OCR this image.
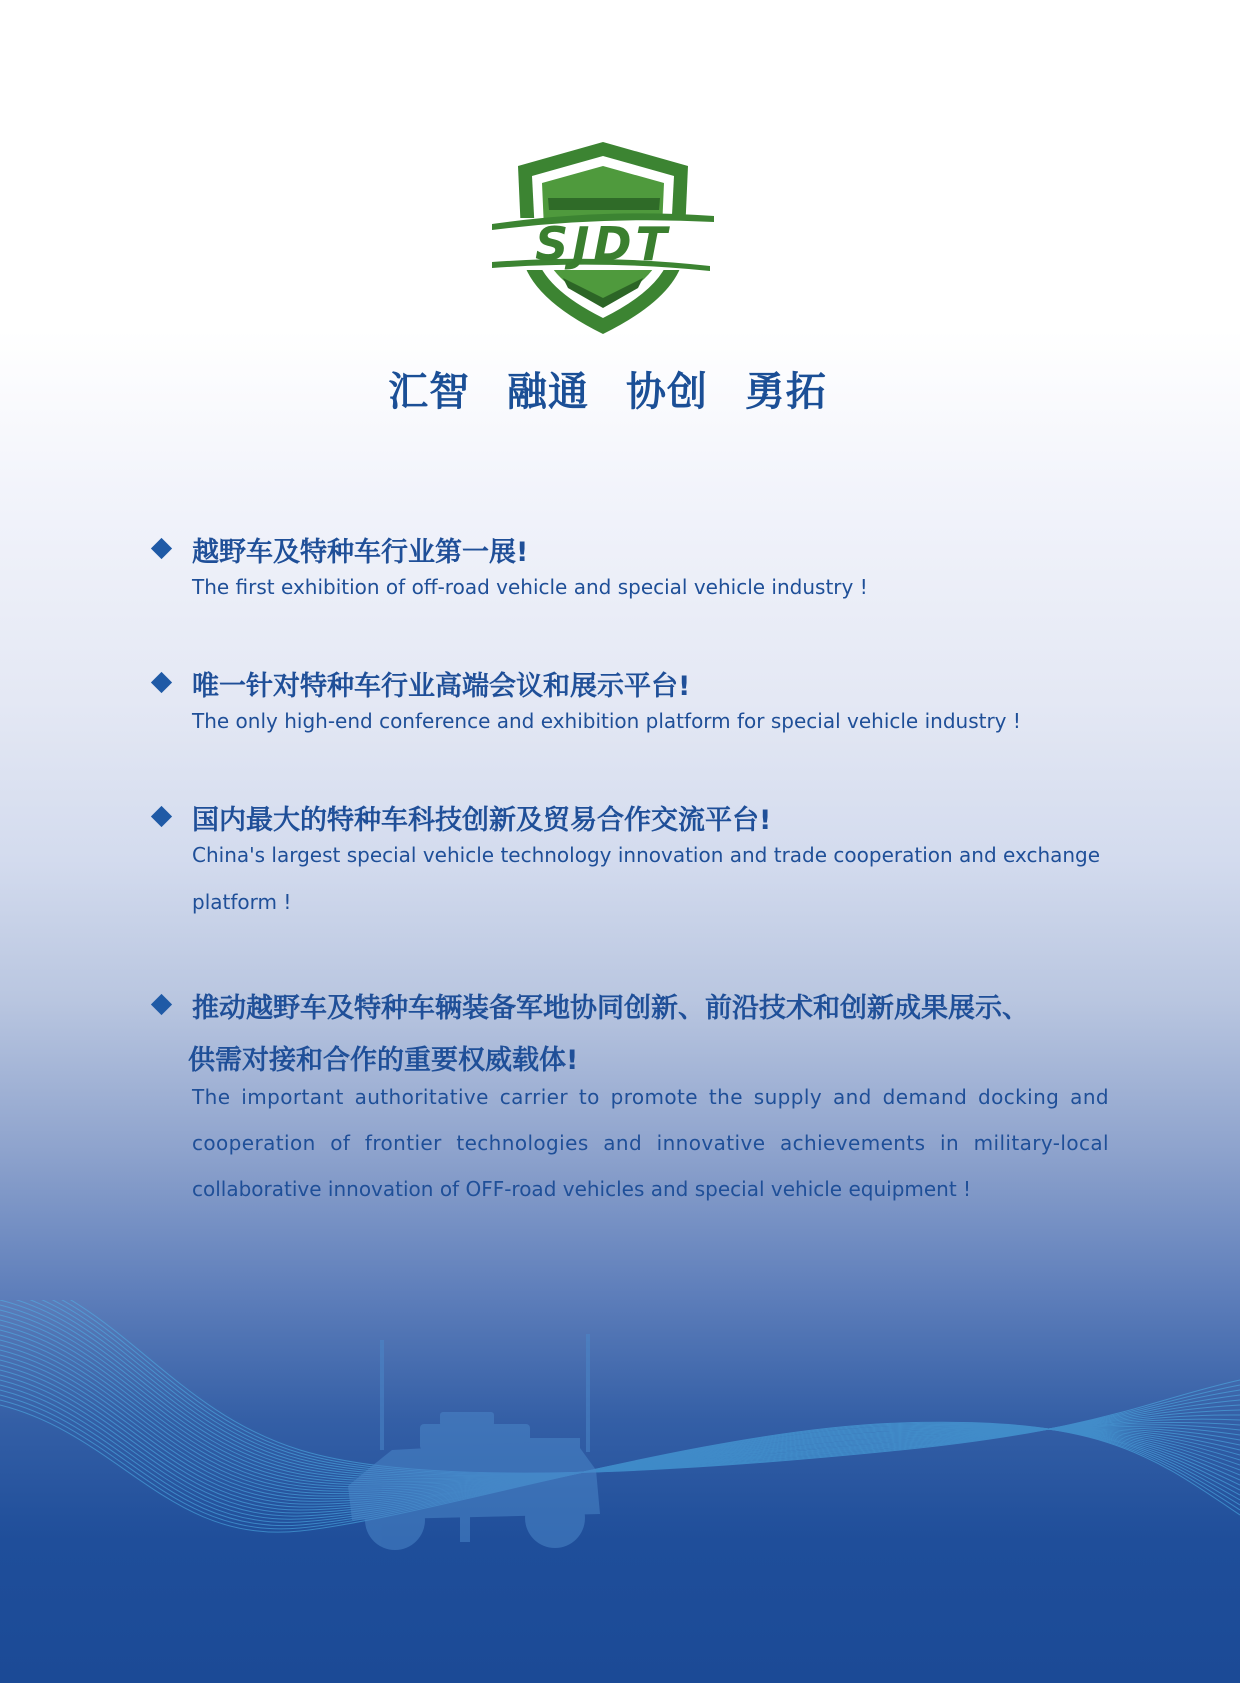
SJDT
汇智 融通 协创 勇拓
越野车及特种车行业第一展!
The first exhibition of off-road vehicle and special vehicle industry !
唯一针对特种车行业高端会议和展示平台!
The only high-end conference and exhibition platform for special vehicle industry !
国内最大的特种车科技创新及贸易合作交流平台!
China's largest special vehicle technology innovation and trade cooperation and exchange
platform !
推动越野车及特种车辆装备军地协同创新、前沿技术和创新成果展示、
供需对接和合作的重要权威载体!
The important authoritative carrier to promote the supply and demand docking and
cooperation of frontier technologies and innovative achievements in military-local
collaborative innovation of OFF-road vehicles and special vehicle equipment !
